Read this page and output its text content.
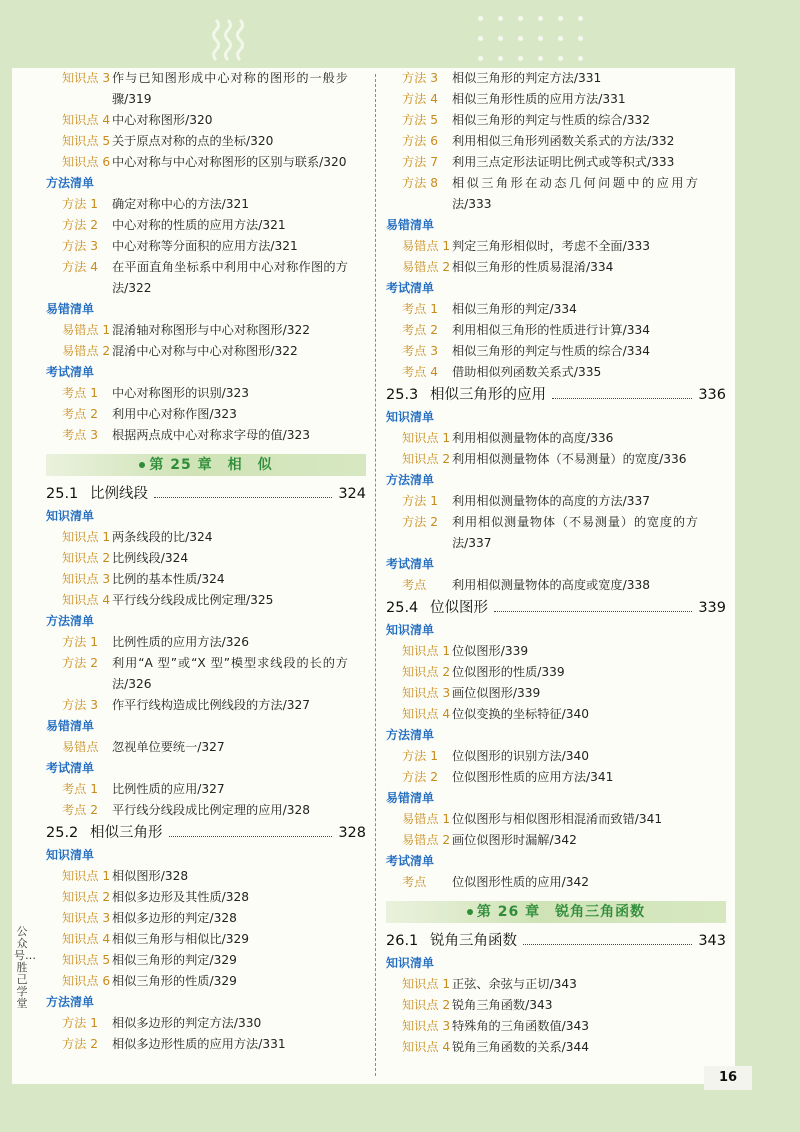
知识点 3 作与已知图形成中心对称的图形的一般步骤/319
知识点 4 中心对称图形/320
知识点 5 关于原点对称的点的坐标/320
知识点 6 中心对称与中心对称图形的区别与联系/320
方法清单
方法 1 确定对称中心的方法/321
方法 2 中心对称的性质的应用方法/321
方法 3 中心对称等分面积的应用方法/321
方法 4 在平面直角坐标系中利用中心对称作图的方法/322
易错清单
易错点 1 混淆轴对称图形与中心对称图形/322
易错点 2 混淆中心对称与中心对称图形/322
考试清单
考点 1 中心对称图形的识别/323
考点 2 利用中心对称作图/323
考点 3 根据两点成中心对称求字母的值/323
第 25 章　相　似
25.1 比例线段	324
知识清单
知识点 1 两条线段的比/324
知识点 2 比例线段/324
知识点 3 比例的基本性质/324
知识点 4 平行线分线段成比例定理/325
方法清单
方法 1 比例性质的应用方法/326
方法 2 利用“A 型”或“X 型”模型求线段的长的方法/326
方法 3 作平行线构造成比例线段的方法/327
易错清单
易错点 忽视单位要统一/327
考试清单
考点 1 比例性质的应用/327
考点 2 平行线分线段成比例定理的应用/328
25.2 相似三角形	328
知识清单
知识点 1 相似图形/328
知识点 2 相似多边形及其性质/328
知识点 3 相似多边形的判定/328
知识点 4 相似三角形与相似比/329
知识点 5 相似三角形的判定/329
知识点 6 相似三角形的性质/329
方法清单
方法 1 相似多边形的判定方法/330
方法 2 相似多边形性质的应用方法/331
方法 3 相似三角形的判定方法/331
方法 4 相似三角形性质的应用方法/331
方法 5 相似三角形的判定与性质的综合/332
方法 6 利用相似三角形列函数关系式的方法/332
方法 7 利用三点定形法证明比例式或等积式/333
方法 8 相似三角形在动态几何问题中的应用方法/333
易错清单
易错点 1 判定三角形相似时，考虑不全面/333
易错点 2 相似三角形的性质易混淆/334
考试清单
考点 1 相似三角形的判定/334
考点 2 利用相似三角形的性质进行计算/334
考点 3 相似三角形的判定与性质的综合/334
考点 4 借助相似列函数关系式/335
25.3 相似三角形的应用	336
知识清单
知识点 1 利用相似测量物体的高度/336
知识点 2 利用相似测量物体（不易测量）的宽度/336
方法清单
方法 1 利用相似测量物体的高度的方法/337
方法 2 利用相似测量物体（不易测量）的宽度的方法/337
考试清单
考点 利用相似测量物体的高度或宽度/338
25.4 位似图形	339
知识清单
知识点 1 位似图形/339
知识点 2 位似图形的性质/339
知识点 3 画位似图形/339
知识点 4 位似变换的坐标特征/340
方法清单
方法 1 位似图形的识别方法/340
方法 2 位似图形性质的应用方法/341
易错清单
易错点 1 位似图形与相似图形相混淆而致错/341
易错点 2 画位似图形时漏解/342
考试清单
考点 位似图形性质的应用/342
第 26 章　锐角三角函数
26.1 锐角三角函数	343
知识清单
知识点 1 正弦、余弦与正切/343
知识点 2 锐角三角函数/343
知识点 3 特殊角的三角函数值/343
知识点 4 锐角三角函数的关系/344
公众号…胜己学堂
16
